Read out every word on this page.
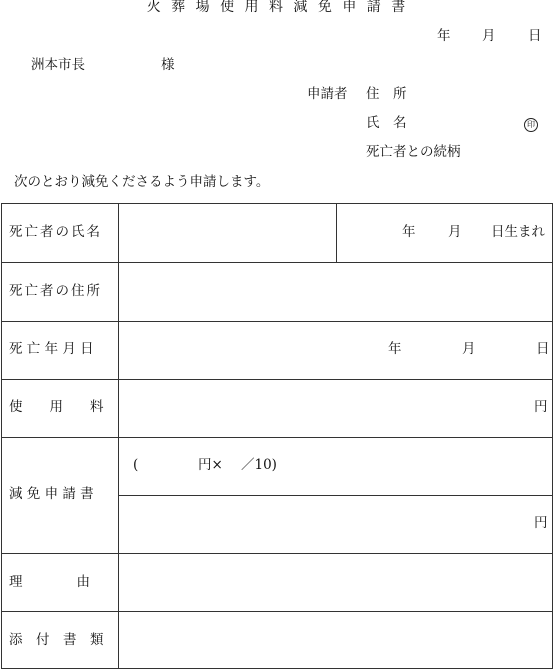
火 葬 場 使 用 料 減 免 申 請 書
年 月 日
洲本市長	様
申請者 住　所
氏　名	印
死亡者との続柄
次のとおり減免くださるよう申請します。
死亡者の氏名	年 月 日生まれ
死亡者の住所
死 亡 年 月 日	年	月	日
使　　用　　料	円
減 免 申 請 書
(	円× ／10)
円
理　　　　由
添　付　書　類
